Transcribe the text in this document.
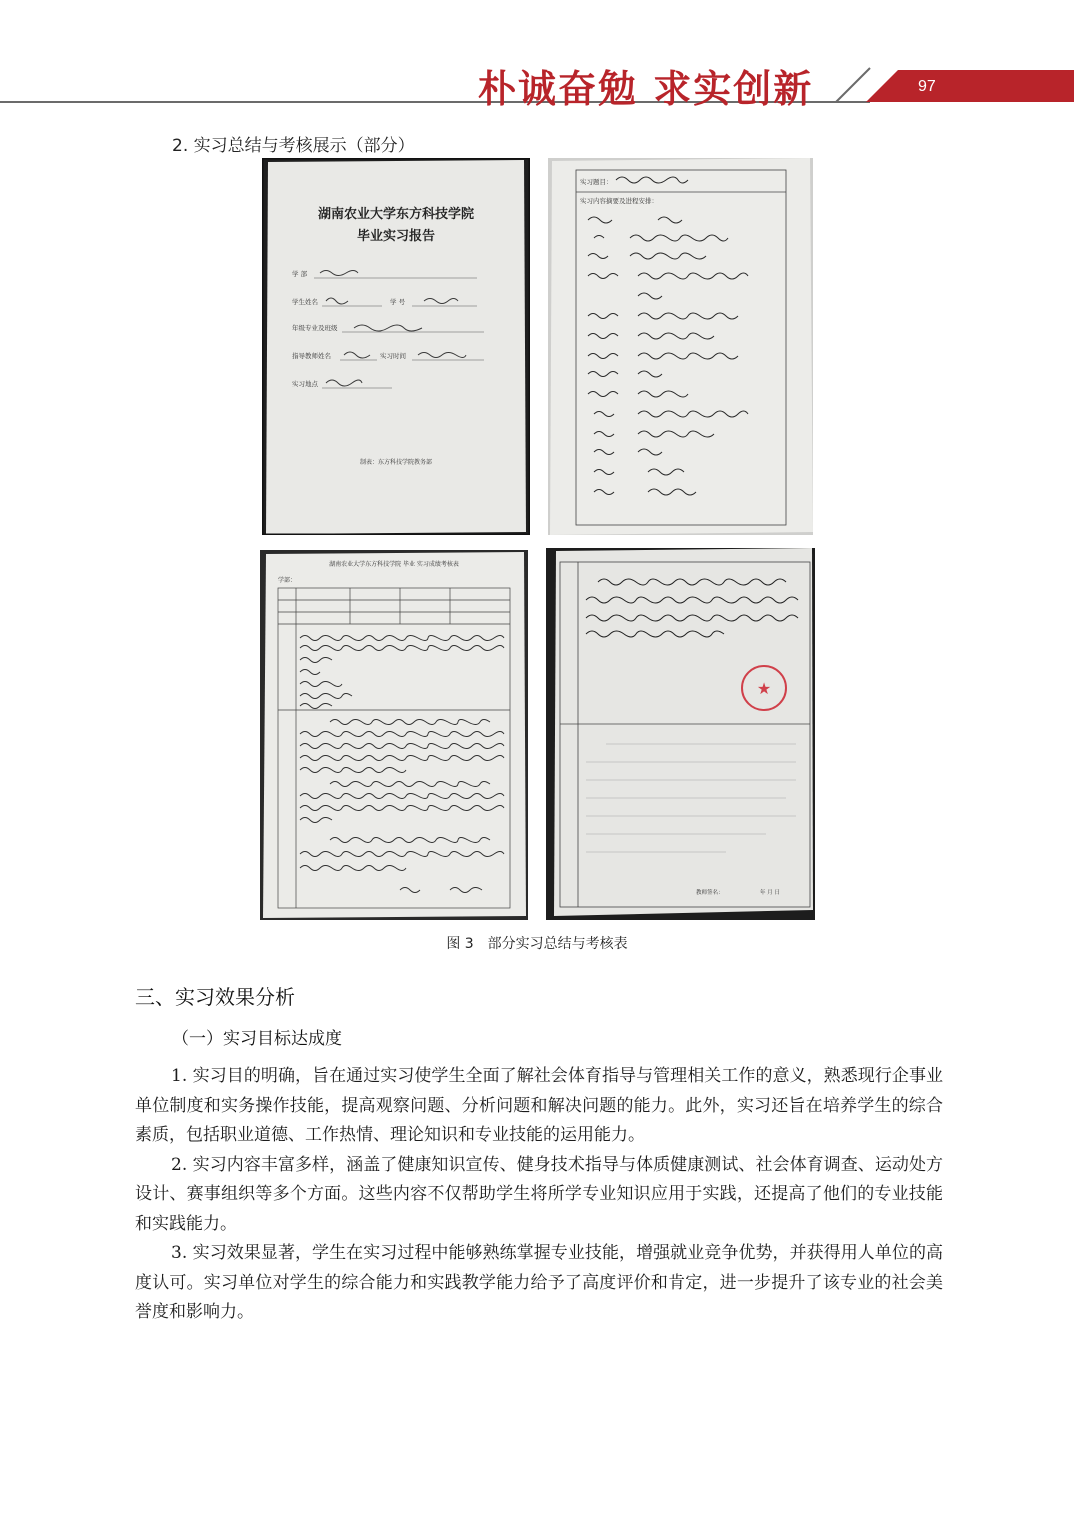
朴诚奋勉 求实创新	97
2. 实习总结与考核展示（部分）
湖南农业大学东方科技学院
毕业实习报告
学 部
学生姓名	学 号
年级专业及班级
指导教师姓名	实习时间
实习地点
制表：东方科技学院教务部
实习题目：
实习内容摘要及进程安排：
湖南农业大学东方科技学院 毕业 实习成绩考核表
学部：
★
教师签名：	年 月 日
图 3　部分实习总结与考核表
三、实习效果分析
（一）实习目标达成度

1. 实习目的明确，旨在通过实习使学生全面了解社会体育指导与管理相关工作的意义，熟悉现行企事业单位制度和实务操作技能，提高观察问题、分析问题和解决问题的能力。此外，实习还旨在培养学生的综合素质，包括职业道德、工作热情、理论知识和专业技能的运用能力。

2. 实习内容丰富多样，涵盖了健康知识宣传、健身技术指导与体质健康测试、社会体育调查、运动处方设计、赛事组织等多个方面。这些内容不仅帮助学生将所学专业知识应用于实践，还提高了他们的专业技能和实践能力。

3. 实习效果显著，学生在实习过程中能够熟练掌握专业技能，增强就业竞争优势，并获得用人单位的高度认可。实习单位对学生的综合能力和实践教学能力给予了高度评价和肯定，进一步提升了该专业的社会美誉度和影响力。
